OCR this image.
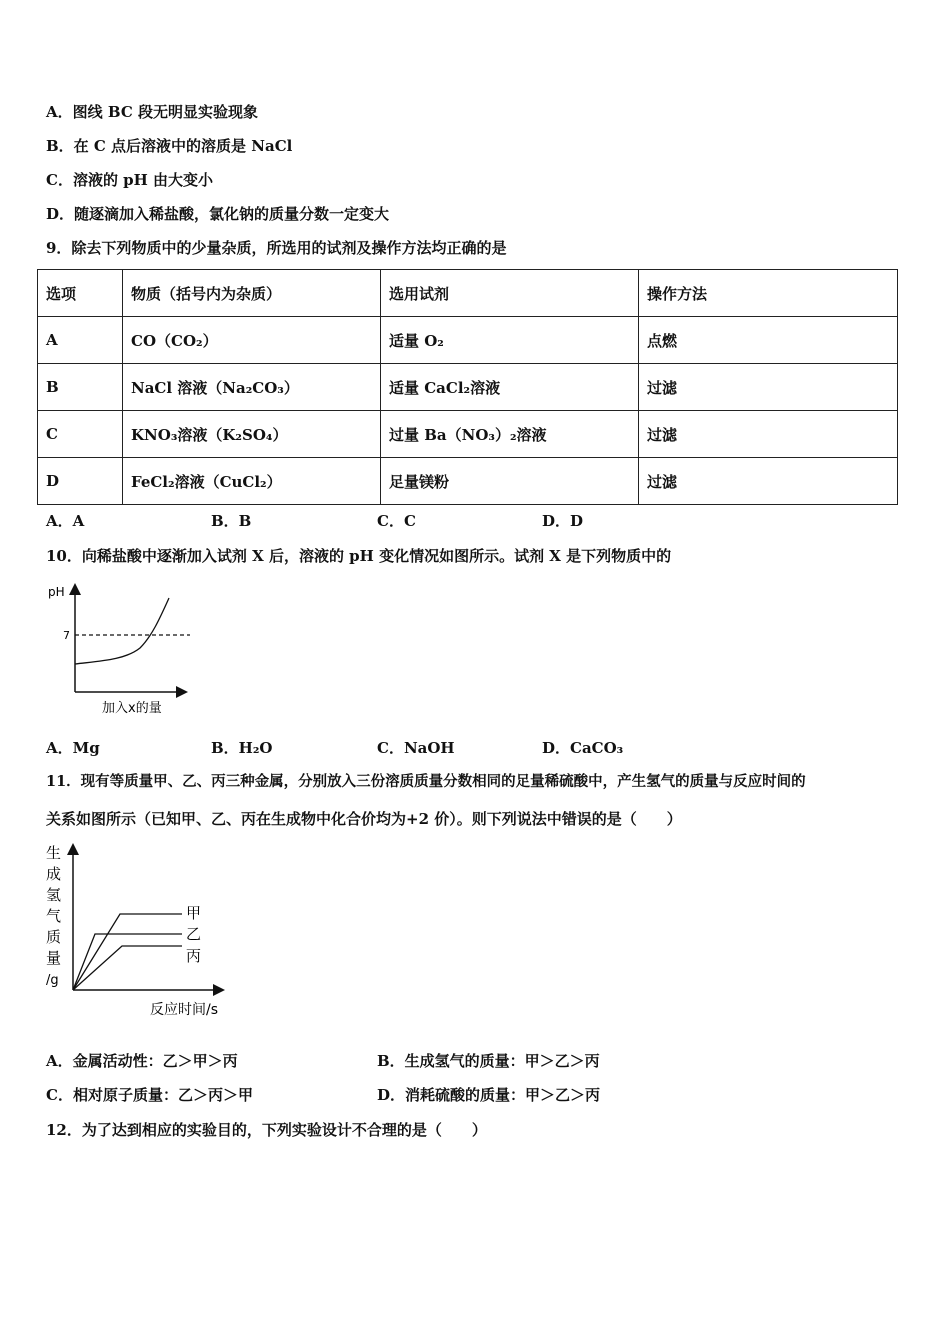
A．图线 BC 段无明显实验现象
B．在 C 点后溶液中的溶质是 NaCl
C．溶液的 pH 由大变小
D．随逐滴加入稀盐酸，氯化钠的质量分数一定变大
9．除去下列物质中的少量杂质，所选用的试剂及操作方法均正确的是
选项	物质（括号内为杂质）	选用试剂	操作方法
A	CO（CO₂）	适量 O₂	点燃
B	NaCl 溶液（Na₂CO₃）	适量 CaCl₂溶液	过滤
C	KNO₃溶液（K₂SO₄）	过量 Ba（NO₃）₂溶液	过滤
D	FeCl₂溶液（CuCl₂）	足量镁粉	过滤
A．A	B．B	C．C	D．D
10．向稀盐酸中逐渐加入试剂 X 后，溶液的 pH 变化情况如图所示。试剂 X 是下列物质中的
pH
7
加入x的量
A．Mg	B．H₂O	C．NaOH	D．CaCO₃
11．现有等质量甲、乙、丙三种金属，分别放入三份溶质质量分数相同的足量稀硫酸中，产生氢气的质量与反应时间的
关系如图所示（已知甲、乙、丙在生成物中化合价均为+2 价）。则下列说法中错误的是（　　）
甲
乙
丙
生
成
氢
气
质
量
/g
反应时间/s
A．金属活动性：乙＞甲＞丙	B．生成氢气的质量：甲＞乙＞丙
C．相对原子质量：乙＞丙＞甲	D．消耗硫酸的质量：甲＞乙＞丙
12．为了达到相应的实验目的，下列实验设计不合理的是（　　）
